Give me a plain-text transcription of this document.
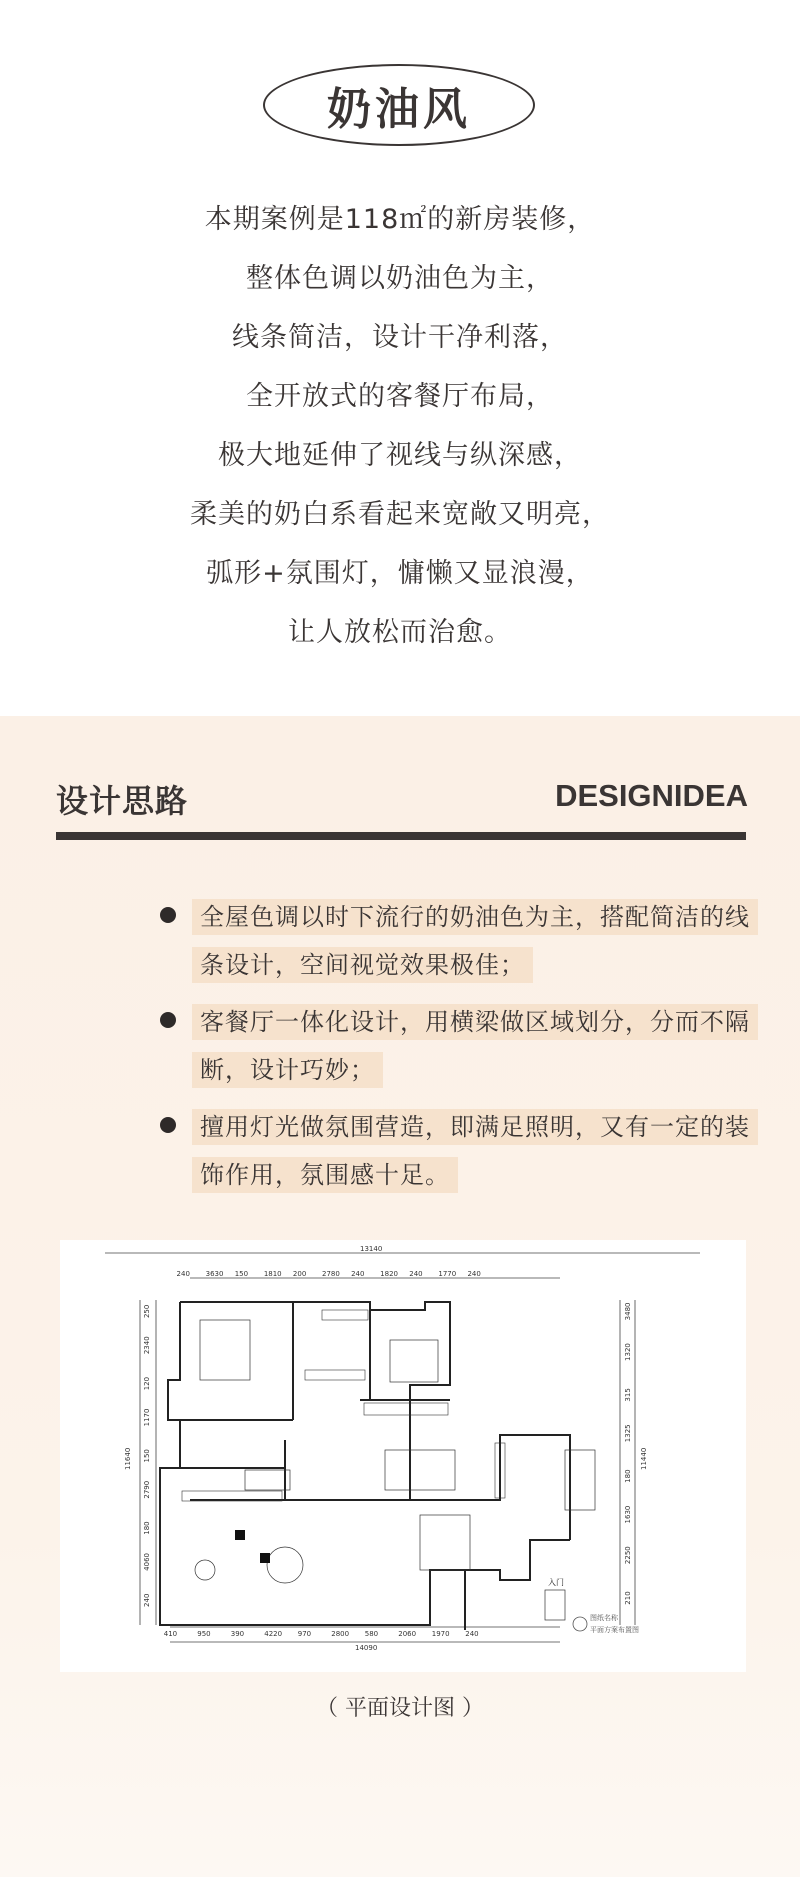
奶油风
本期案例是118㎡的新房装修，
整体色调以奶油色为主，
线条简洁，设计干净利落，
全开放式的客餐厅布局，
极大地延伸了视线与纵深感，
柔美的奶白系看起来宽敞又明亮，
弧形+氛围灯，慵懒又显浪漫，
让人放松而治愈。
设计思路	DESIGNIDEA
全屋色调以时下流行的奶油色为主，搭配简洁的线条设计，空间视觉效果极佳；
客餐厅一体化设计，用横梁做区域划分，分而不隔断，设计巧妙；
擅用灯光做氛围营造，即满足照明，又有一定的装饰作用，氛围感十足。
13140
240 3630 150 1810 200 2780 240 1820 240 1770 240
14090
410	950	390	4220 970	2800 580	2060 1970 240
11640
250
2340
120
1170
150
2790
180
4060
240
11440
3480
1320
315
1325
180
1630
2250
210
入门
图纸名称
平面方案布置图
（ 平面设计图 ）
